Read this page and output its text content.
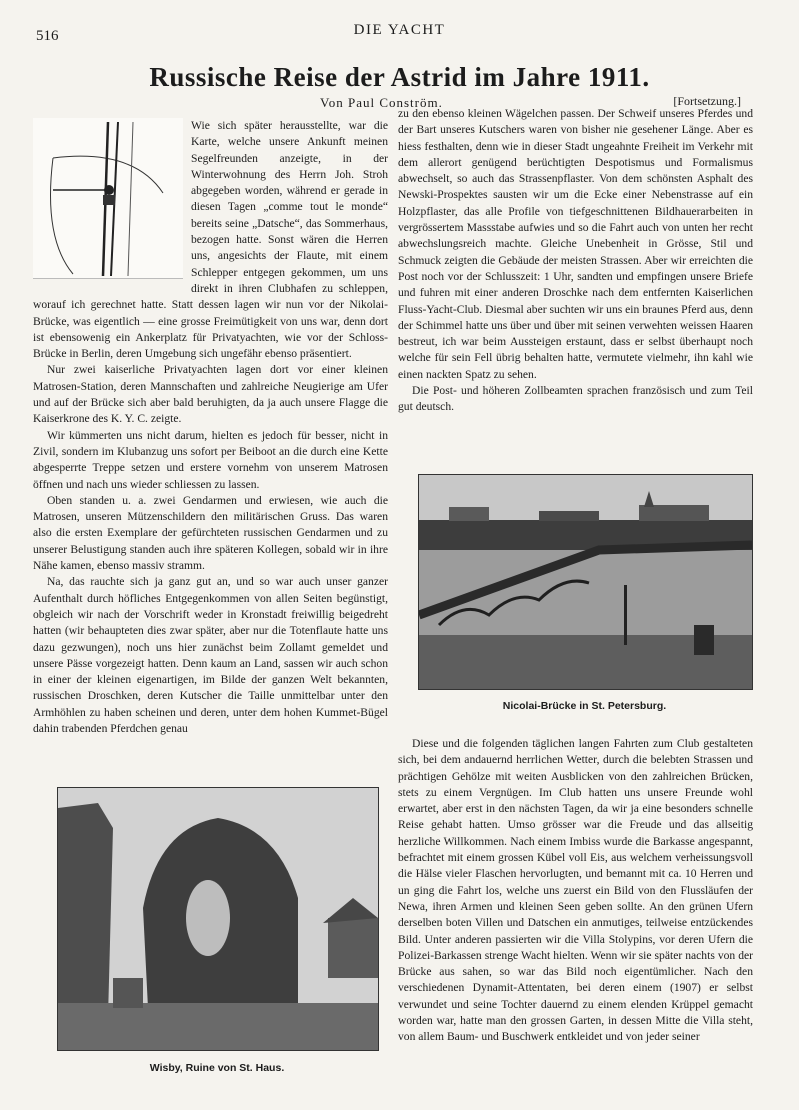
516	DIE YACHT
Russische Reise der Astrid im Jahre 1911.
Von Paul Conström.	[Fortsetzung.]

Wie sich später herausstellte, war die Karte, welche unsere Ankunft meinen Segelfreunden anzeigte, in der Winterwohnung des Herrn Joh. Stroh abgegeben worden, während er gerade in diesen Tagen „comme tout le monde“ bereits seine „Datsche“, das Sommerhaus, bezogen hatte. Sonst wären die Herren uns, angesichts der Flaute, mit einem Schlepper entgegen gekommen, um uns direkt in ihren Clubhafen zu schleppen, worauf ich gerechnet hatte. Statt dessen lagen wir nun vor der Nikolai-Brücke, was eigentlich — eine grosse Freimütigkeit von uns war, denn dort ist ebensowenig ein Ankerplatz für Privatyachten, wie vor der Schloss-Brücke in Berlin, deren Umgebung sich ungefähr ebenso präsentiert.

Nur zwei kaiserliche Privatyachten lagen dort vor einer kleinen Matrosen-Station, deren Mannschaften und zahlreiche Neugierige am Ufer und auf der Brücke sich aber bald beruhigten, da ja auch unsere Flagge die Kaiserkrone des K. Y. C. zeigte.

Wir kümmerten uns nicht darum, hielten es jedoch für besser, nicht in Zivil, sondern im Klubanzug uns sofort per Beiboot an die durch eine Kette abgesperrte Treppe setzen und erstere vornehm von unserem Matrosen öffnen und nach uns wieder schliessen zu lassen.

Oben standen u. a. zwei Gendarmen und erwiesen, wie auch die Matrosen, unseren Mützenschildern den militärischen Gruss. Das waren also die ersten Exemplare der gefürchteten russischen Gendarmen und zu unserer Belustigung standen auch ihre späteren Kollegen, sobald wir in ihre Nähe kamen, ebenso massiv stramm.

Na, das rauchte sich ja ganz gut an, und so war auch unser ganzer Aufenthalt durch höfliches Entgegenkommen von allen Seiten begünstigt, obgleich wir nach der Vorschrift weder in Kronstadt freiwillig beigedreht hatten (wir behaupteten dies zwar später, aber nur die Totenflaute hatte uns dazu gezwungen), noch uns hier zunächst beim Zollamt gemeldet und unsere Pässe vorgezeigt hatten. Denn kaum an Land, sassen wir auch schon in einer der kleinen eigenartigen, im Bilde der ganzen Welt bekannten, russischen Droschken, deren Kutscher die Taille unmittelbar unter den Armhöhlen zu haben scheinen und deren, unter dem hohen Kummet-Bügel dahin trabenden Pferdchen genau

zu den ebenso kleinen Wägelchen passen. Der Schweif unseres Pferdes und der Bart unseres Kutschers waren von bisher nie gesehener Länge. Aber es hiess festhalten, denn wie in dieser Stadt ungeahnte Freiheit im Verkehr mit dem allerort genügend berüchtigten Despotismus und Formalismus abwechselt, so auch das Strassenpflaster. Von dem schönsten Asphalt des Newski-Prospektes sausten wir um die Ecke einer Nebenstrasse auf ein Holzpflaster, das alle Profile von tiefgeschnittenen Bildhauerarbeiten in vergrössertem Massstabe aufwies und so die Fahrt auch von unten her recht abwechslungsreich machte. Gleiche Unebenheit in Grösse, Stil und Schmuck zeigten die Gebäude der meisten Strassen. Aber wir erreichten die Post noch vor der Schlusszeit: 1 Uhr, sandten und empfingen unsere Briefe und fuhren mit einer anderen Droschke nach dem entfernten Kaiserlichen Fluss-Yacht-Club. Diesmal aber suchten wir uns ein braunes Pferd aus, denn der Schimmel hatte uns über und über mit seinen verwehten weissen Haaren bestreut, ich war beim Aussteigen erstaunt, dass er selbst überhaupt noch welche für sein Fell übrig behalten hatte, vermutete vielmehr, ihn kahl wie einen nackten Spatz zu sehen.

Die Post- und höheren Zollbeamten sprachen französisch und zum Teil gut deutsch.

Nicolai-Brücke in St. Petersburg.
Wisby, Ruine von St. Haus.

Diese und die folgenden täglichen langen Fahrten zum Club gestalteten sich, bei dem andauernd herrlichen Wetter, durch die belebten Strassen und prächtigen Gehölze mit weiten Ausblicken von den zahlreichen Brücken, stets zu einem Vergnügen. Im Club hatten uns unsere Freunde wohl erwartet, aber erst in den nächsten Tagen, da wir ja eine besonders schnelle Reise gehabt hatten. Umso grösser war die Freude und das allseitig herzliche Willkommen. Nach einem Imbiss wurde die Barkasse angespannt, befrachtet mit einem grossen Kübel voll Eis, aus welchem verheissungsvoll die Hälse vieler Flaschen hervorlugten, und bemannt mit ca. 10 Herren und un ging die Fahrt los, welche uns zuerst ein Bild von den Flussläufen der Newa, ihren Armen und kleinen Seen geben sollte. An den grünen Ufern derselben boten Villen und Datschen ein anmutiges, teilweise entzückendes Bild. Unter anderen passierten wir die Villa Stolypins, vor deren Ufern die Polizei-Barkassen strenge Wacht hielten. Wenn wir sie später nachts von der Brücke aus sahen, so war das Bild noch eigentümlicher. Nach den verschiedenen Dynamit-Attentaten, bei deren einem (1907) er selbst verwundet und seine Tochter dauernd zu einem elenden Krüppel gemacht worden war, hatte man den grossen Garten, in dessen Mitte die Villa steht, von allem Baum- und Buschwerk entkleidet und von jeder seiner
